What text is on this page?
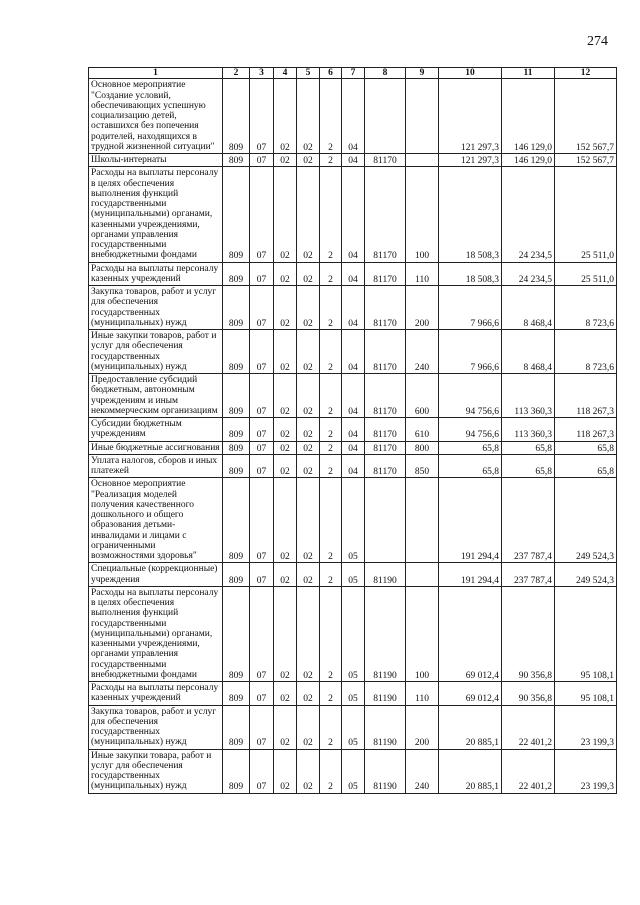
274
1	2	3	4	5	6	7	8	9	10	11	12
Основное мероприятие "Создание условий, обеспечивающих успешную социализацию детей, оставшихся без попечения родителей, находящихся в трудной жизненной ситуации"	809	07	02	02	2	04			121 297,3	146 129,0	152 567,7
Школы-интернаты	809	07	02	02	2	04	81170		121 297,3	146 129,0	152 567,7
Расходы на выплаты персоналу в целях обеспечения выполнения функций государственными (муниципальными) органами, казенными учреждениями, органами управления государственными внебюджетными фондами	809	07	02	02	2	04	81170	100	18 508,3	24 234,5	25 511,0
Расходы на выплаты персоналу казенных учреждений	809	07	02	02	2	04	81170	110	18 508,3	24 234,5	25 511,0
Закупка товаров, работ и услуг для обеспечения государственных (муниципальных) нужд	809	07	02	02	2	04	81170	200	7 966,6	8 468,4	8 723,6
Иные закупки товаров, работ и услуг для обеспечения государственных (муниципальных) нужд	809	07	02	02	2	04	81170	240	7 966,6	8 468,4	8 723,6
Предоставление субсидий бюджетным, автономным учреждениям и иным некоммерческим организациям	809	07	02	02	2	04	81170	600	94 756,6	113 360,3	118 267,3
Субсидии бюджетным учреждениям	809	07	02	02	2	04	81170	610	94 756,6	113 360,3	118 267,3
Иные бюджетные ассигнования	809	07	02	02	2	04	81170	800	65,8	65,8	65,8
Уплата налогов, сборов и иных платежей	809	07	02	02	2	04	81170	850	65,8	65,8	65,8
Основное мероприятие "Реализация моделей получения качественного дошкольного и общего образования детьми-инвалидами и лицами с ограниченными возможностями здоровья"	809	07	02	02	2	05			191 294,4	237 787,4	249 524,3
Специальные (коррекционные) учреждения	809	07	02	02	2	05	81190		191 294,4	237 787,4	249 524,3
Расходы на выплаты персоналу в целях обеспечения выполнения функций государственными (муниципальными) органами, казенными учреждениями, органами управления государственными внебюджетными фондами	809	07	02	02	2	05	81190	100	69 012,4	90 356,8	95 108,1
Расходы на выплаты персоналу казенных учреждений	809	07	02	02	2	05	81190	110	69 012,4	90 356,8	95 108,1
Закупка товаров, работ и услуг для обеспечения государственных (муниципальных) нужд	809	07	02	02	2	05	81190	200	20 885,1	22 401,2	23 199,3
Иные закупки товара, работ и услуг для обеспечения государственных (муниципальных) нужд	809	07	02	02	2	05	81190	240	20 885,1	22 401,2	23 199,3
